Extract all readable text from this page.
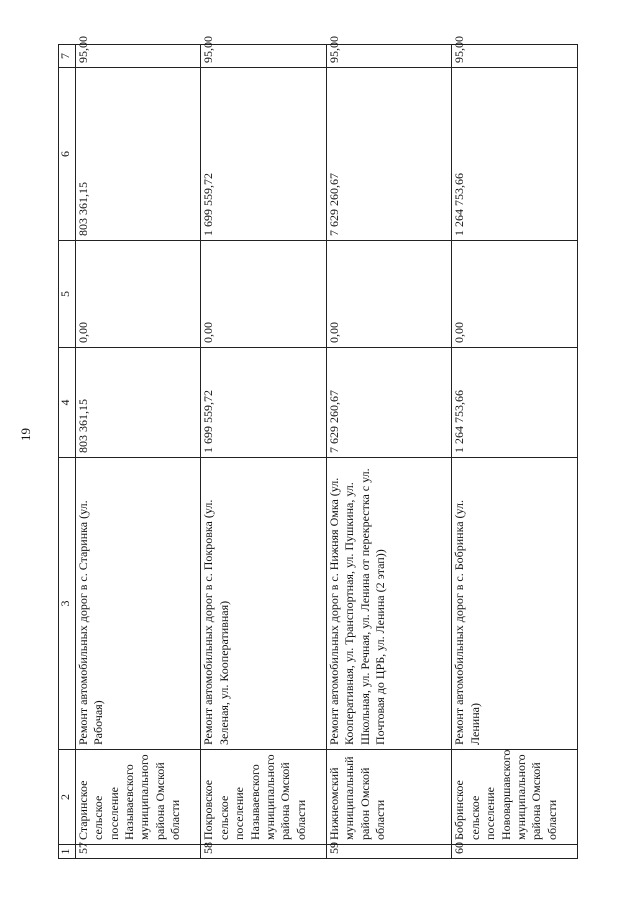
19
1	2	3	4	5	6	7
57	Старинское сельское поселение Называевского муниципального района Омской области	Ремонт автомобильных дорог в с. Старинка (ул. Рабочая)	803 361,15	0,00	803 361,15	95,00
58	Покровское сельское поселение Называевского муниципального района Омской области	Ремонт автомобильных дорог в с. Покровка (ул. Зеленая, ул. Кооперативная)	1 699 559,72	0,00	1 699 559,72	95,00
59	Нижнеомский муниципальный район Омской области	Ремонт автомобильных дорог в с. Нижняя Омка (ул. Кооперативная, ул. Транспортная, ул. Пушкина, ул. Школьная, ул. Речная, ул. Ленина от перекрестка с ул. Почтовая до ЦРБ, ул. Ленина (2 этап))	7 629 260,67	0,00	7 629 260,67	95,00
60	Бобринское сельское поселение Нововаршавского муниципального района Омской области	Ремонт автомобильных дорог в с. Бобринка (ул. Ленина)	1 264 753,66	0,00	1 264 753,66	95,00
